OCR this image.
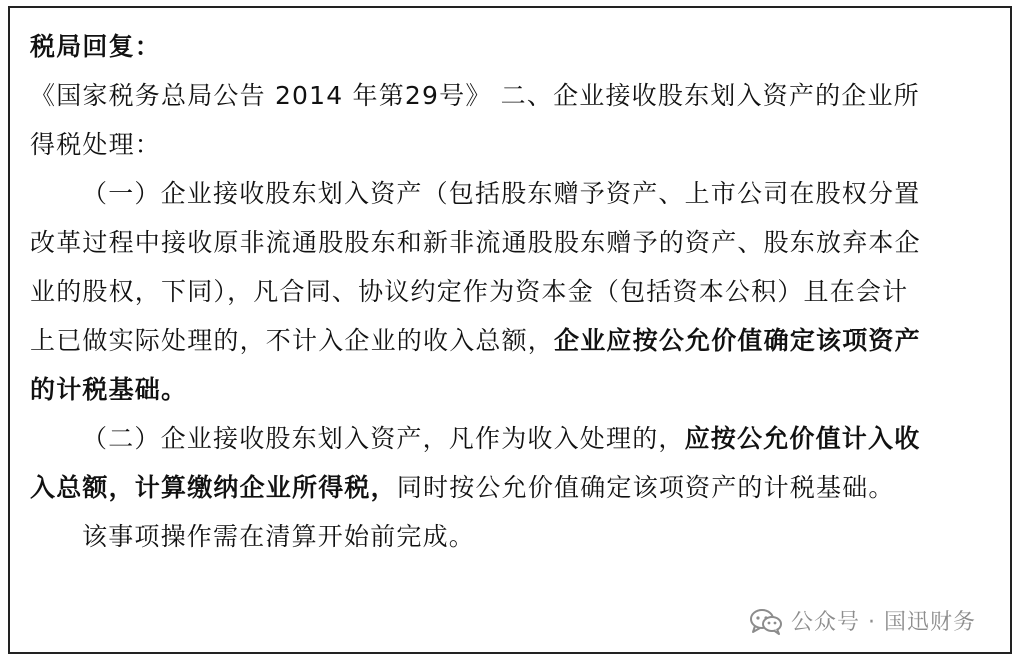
税局回复：
《国家税务总局公告 2014 年第29号》 二、企业接收股东划入资产的企业所
得税处理：
（一）企业接收股东划入资产（包括股东赠予资产、上市公司在股权分置
改革过程中接收原非流通股股东和新非流通股股东赠予的资产、股东放弃本企
业的股权，下同），凡合同、协议约定作为资本金（包括资本公积）且在会计
上已做实际处理的，不计入企业的收入总额，企业应按公允价值确定该项资产
的计税基础。
（二）企业接收股东划入资产，凡作为收入处理的，应按公允价值计入收
入总额，计算缴纳企业所得税，同时按公允价值确定该项资产的计税基础。
该事项操作需在清算开始前完成。
公众号 · 国迅财务
